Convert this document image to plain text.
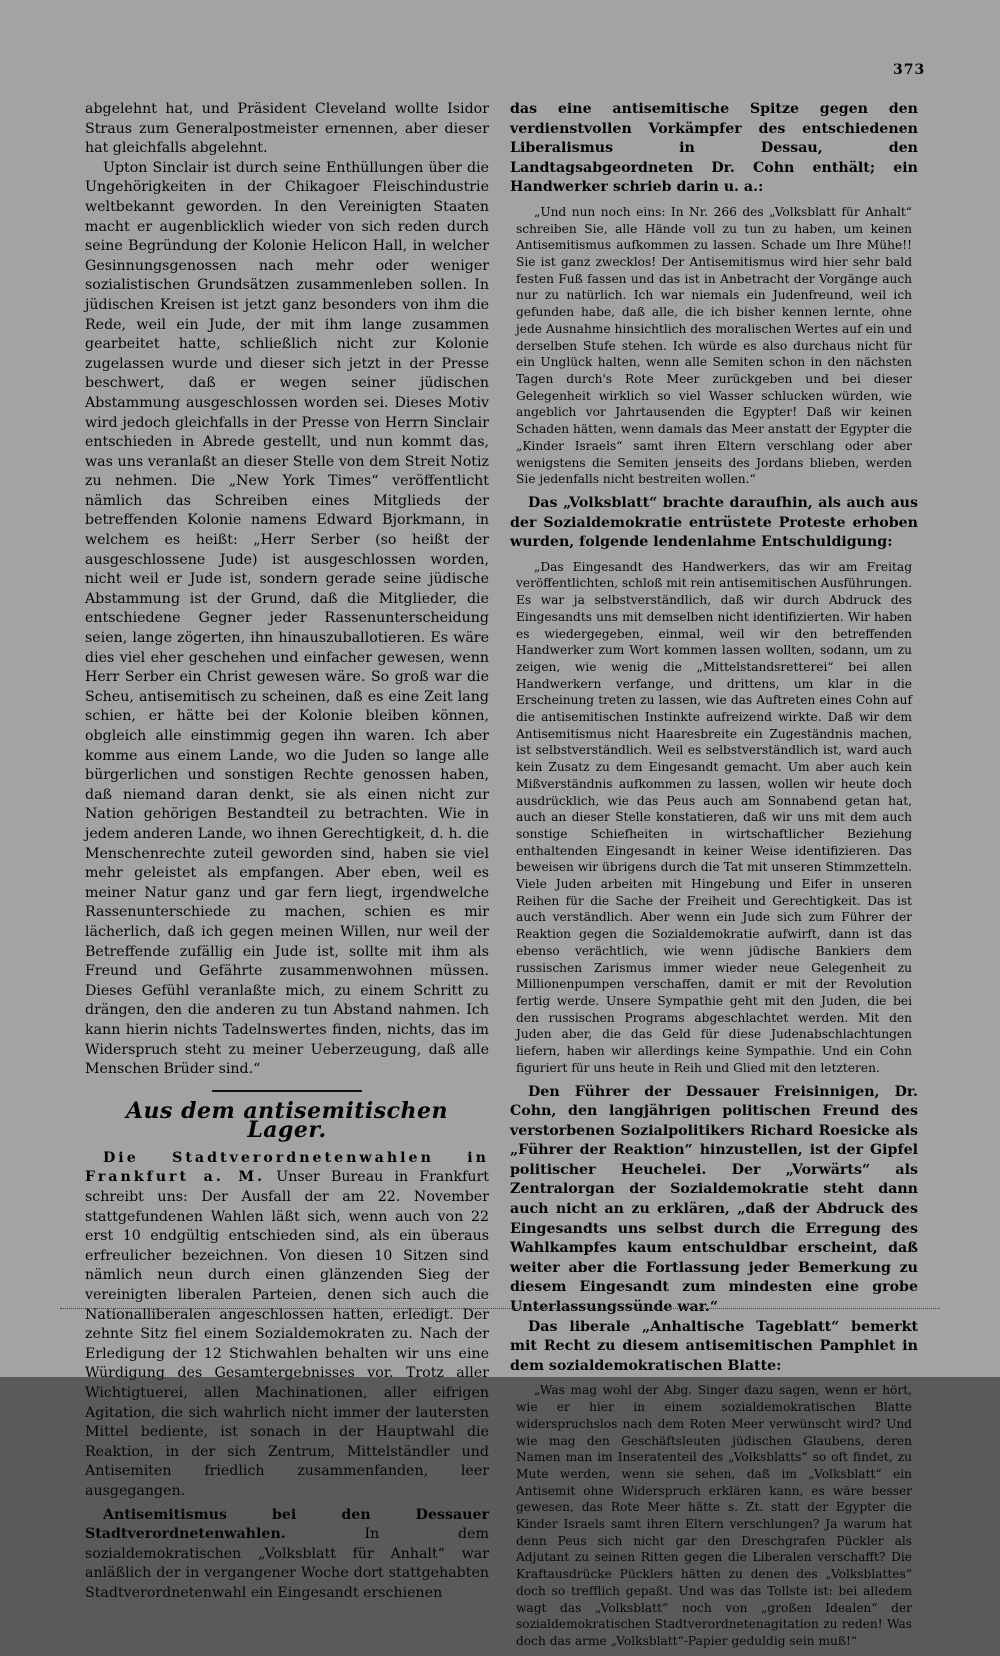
373

abgelehnt hat, und Präsident Cleveland wollte Isidor Straus zum Generalpostmeister ernennen, aber dieser hat gleichfalls abgelehnt.

Upton Sinclair ist durch seine Enthüllungen über die Ungehörigkeiten in der Chikagoer Fleischindustrie weltbekannt geworden. In den Vereinigten Staaten macht er augenblicklich wieder von sich reden durch seine Begründung der Kolonie Helicon Hall, in welcher Gesinnungsgenossen nach mehr oder weniger sozialistischen Grundsätzen zusammenleben sollen. In jüdischen Kreisen ist jetzt ganz besonders von ihm die Rede, weil ein Jude, der mit ihm lange zusammen gearbeitet hatte, schließlich nicht zur Kolonie zugelassen wurde und dieser sich jetzt in der Presse beschwert, daß er wegen seiner jüdischen Abstammung ausgeschlossen worden sei. Dieses Motiv wird jedoch gleichfalls in der Presse von Herrn Sinclair entschieden in Abrede gestellt, und nun kommt das, was uns veranlaßt an dieser Stelle von dem Streit Notiz zu nehmen. Die „New York Times“ veröffentlicht nämlich das Schreiben eines Mitglieds der betreffenden Kolonie namens Edward Bjorkmann, in welchem es heißt: „Herr Serber (so heißt der ausgeschlossene Jude) ist ausgeschlossen worden, nicht weil er Jude ist, sondern gerade seine jüdische Abstammung ist der Grund, daß die Mitglieder, die entschiedene Gegner jeder Rassenunterscheidung seien, lange zögerten, ihn hinauszuballotieren. Es wäre dies viel eher geschehen und einfacher gewesen, wenn Herr Serber ein Christ gewesen wäre. So groß war die Scheu, antisemitisch zu scheinen, daß es eine Zeit lang schien, er hätte bei der Kolonie bleiben können, obgleich alle einstimmig gegen ihn waren. Ich aber komme aus einem Lande, wo die Juden so lange alle bürgerlichen und sonstigen Rechte genossen haben, daß niemand daran denkt, sie als einen nicht zur Nation gehörigen Bestandteil zu betrachten. Wie in jedem anderen Lande, wo ihnen Gerechtigkeit, d. h. die Menschenrechte zuteil geworden sind, haben sie viel mehr geleistet als empfangen. Aber eben, weil es meiner Natur ganz und gar fern liegt, irgendwelche Rassenunterschiede zu machen, schien es mir lächerlich, daß ich gegen meinen Willen, nur weil der Betreffende zufällig ein Jude ist, sollte mit ihm als Freund und Gefährte zusammenwohnen müssen. Dieses Gefühl veranlaßte mich, zu einem Schritt zu drängen, den die anderen zu tun Abstand nahmen. Ich kann hierin nichts Tadelnswertes finden, nichts, das im Widerspruch steht zu meiner Ueberzeugung, daß alle Menschen Brüder sind.“

Aus dem antisemitischen Lager.

Die Stadtverordnetenwahlen in Frankfurt a. M. Unser Bureau in Frankfurt schreibt uns: Der Ausfall der am 22. November stattgefundenen Wahlen läßt sich, wenn auch von 22 erst 10 endgültig entschieden sind, als ein überaus erfreulicher bezeichnen. Von diesen 10 Sitzen sind nämlich neun durch einen glänzenden Sieg der vereinigten liberalen Parteien, denen sich auch die Nationalliberalen angeschlossen hatten, erledigt. Der zehnte Sitz fiel einem Sozialdemokraten zu. Nach der Erledigung der 12 Stichwahlen behalten wir uns eine Würdigung des Gesamtergebnisses vor. Trotz aller Wichtigtuerei, allen Machinationen, aller eifrigen Agitation, die sich wahrlich nicht immer der lautersten Mittel bediente, ist sonach in der Hauptwahl die Reaktion, in der sich Zentrum, Mittelständler und Antisemiten friedlich zusammenfanden, leer ausgegangen.

Antisemitismus bei den Dessauer Stadtverordnetenwahlen. In dem sozialdemokratischen „Volksblatt für Anhalt“ war anläßlich der in vergangener Woche dort stattgehabten Stadtverordnetenwahl ein Eingesandt erschienen

das eine antisemitische Spitze gegen den verdienstvollen Vorkämpfer des entschiedenen Liberalismus in Dessau, den Landtagsabgeordneten Dr. Cohn enthält; ein Handwerker schrieb darin u. a.:

„Und nun noch eins: In Nr. 266 des „Volksblatt für Anhalt“ schreiben Sie, alle Hände voll zu tun zu haben, um keinen Antisemitismus aufkommen zu lassen. Schade um Ihre Mühe!! Sie ist ganz zwecklos! Der Antisemitismus wird hier sehr bald festen Fuß fassen und das ist in Anbetracht der Vorgänge auch nur zu natürlich. Ich war niemals ein Judenfreund, weil ich gefunden habe, daß alle, die ich bisher kennen lernte, ohne jede Ausnahme hinsichtlich des moralischen Wertes auf ein und derselben Stufe stehen. Ich würde es also durchaus nicht für ein Unglück halten, wenn alle Semiten schon in den nächsten Tagen durch's Rote Meer zurückgeben und bei dieser Gelegenheit wirklich so viel Wasser schlucken würden, wie angeblich vor Jahrtausenden die Egypter! Daß wir keinen Schaden hätten, wenn damals das Meer anstatt der Egypter die „Kinder Israels“ samt ihren Eltern verschlang oder aber wenigstens die Semiten jenseits des Jordans blieben, werden Sie jedenfalls nicht bestreiten wollen.“

Das „Volksblatt“ brachte daraufhin, als auch aus der Sozialdemokratie entrüstete Proteste erhoben wurden, folgende lendenlahme Entschuldigung:

„Das Eingesandt des Handwerkers, das wir am Freitag veröffentlichten, schloß mit rein antisemitischen Ausführungen. Es war ja selbstverständlich, daß wir durch Abdruck des Eingesandts uns mit demselben nicht identifizierten. Wir haben es wiedergegeben, einmal, weil wir den betreffenden Handwerker zum Wort kommen lassen wollten, sodann, um zu zeigen, wie wenig die „Mittelstandsretterei“ bei allen Handwerkern verfange, und drittens, um klar in die Erscheinung treten zu lassen, wie das Auftreten eines Cohn auf die antisemitischen Instinkte aufreizend wirkte. Daß wir dem Antisemitismus nicht Haaresbreite ein Zugeständnis machen, ist selbstverständlich. Weil es selbstverständlich ist, ward auch kein Zusatz zu dem Eingesandt gemacht. Um aber auch kein Mißverständnis aufkommen zu lassen, wollen wir heute doch ausdrücklich, wie das Peus auch am Sonnabend getan hat, auch an dieser Stelle konstatieren, daß wir uns mit dem auch sonstige Schiefheiten in wirtschaftlicher Beziehung enthaltenden Eingesandt in keiner Weise identifizieren. Das beweisen wir übrigens durch die Tat mit unseren Stimmzetteln. Viele Juden arbeiten mit Hingebung und Eifer in unseren Reihen für die Sache der Freiheit und Gerechtigkeit. Das ist auch verständlich. Aber wenn ein Jude sich zum Führer der Reaktion gegen die Sozialdemokratie aufwirft, dann ist das ebenso verächtlich, wie wenn jüdische Bankiers dem russischen Zarismus immer wieder neue Gelegenheit zu Millionenpumpen verschaffen, damit er mit der Revolution fertig werde. Unsere Sympathie geht mit den Juden, die bei den russischen Programs abgeschlachtet werden. Mit den Juden aber, die das Geld für diese Judenabschlachtungen liefern, haben wir allerdings keine Sympathie. Und ein Cohn figuriert für uns heute in Reih und Glied mit den letzteren.

Den Führer der Dessauer Freisinnigen, Dr. Cohn, den langjährigen politischen Freund des verstorbenen Sozialpolitikers Richard Roesicke als „Führer der Reaktion“ hinzustellen, ist der Gipfel politischer Heuchelei. Der „Vorwärts“ als Zentralorgan der Sozialdemokratie steht dann auch nicht an zu erklären, „daß der Abdruck des Eingesandts uns selbst durch die Erregung des Wahlkampfes kaum entschuldbar erscheint, daß weiter aber die Fortlassung jeder Bemerkung zu diesem Eingesandt zum mindesten eine grobe Unterlassungssünde war.“

Das liberale „Anhaltische Tageblatt“ bemerkt mit Recht zu diesem antisemitischen Pamphlet in dem sozialdemokratischen Blatte:

„Was mag wohl der Abg. Singer dazu sagen, wenn er hört, wie er hier in einem sozialdemokratischen Blatte widerspruchslos nach dem Roten Meer verwünscht wird? Und wie mag den Geschäftsleuten jüdischen Glaubens, deren Namen man im Inseratenteil des „Volksblatts“ so oft findet, zu Mute werden, wenn sie sehen, daß im „Volksblatt“ ein Antisemit ohne Widerspruch erklären kann, es wäre besser gewesen, das Rote Meer hätte s. Zt. statt der Egypter die Kinder Israels samt ihren Eltern verschlungen? Ja warum hat denn Peus sich nicht gar den Dreschgrafen Pückler als Adjutant zu seinen Ritten gegen die Liberalen verschafft? Die Kraftausdrücke Pücklers hätten zu denen des „Volksblattes“ doch so trefflich gepaßt. Und was das Tollste ist: bei alledem wagt das „Volksblatt“ noch von „großen Idealen“ der sozialdemokratischen Stadtverordnetenagitation zu reden! Was doch das arme „Volksblatt“-Papier geduldig sein muß!“
